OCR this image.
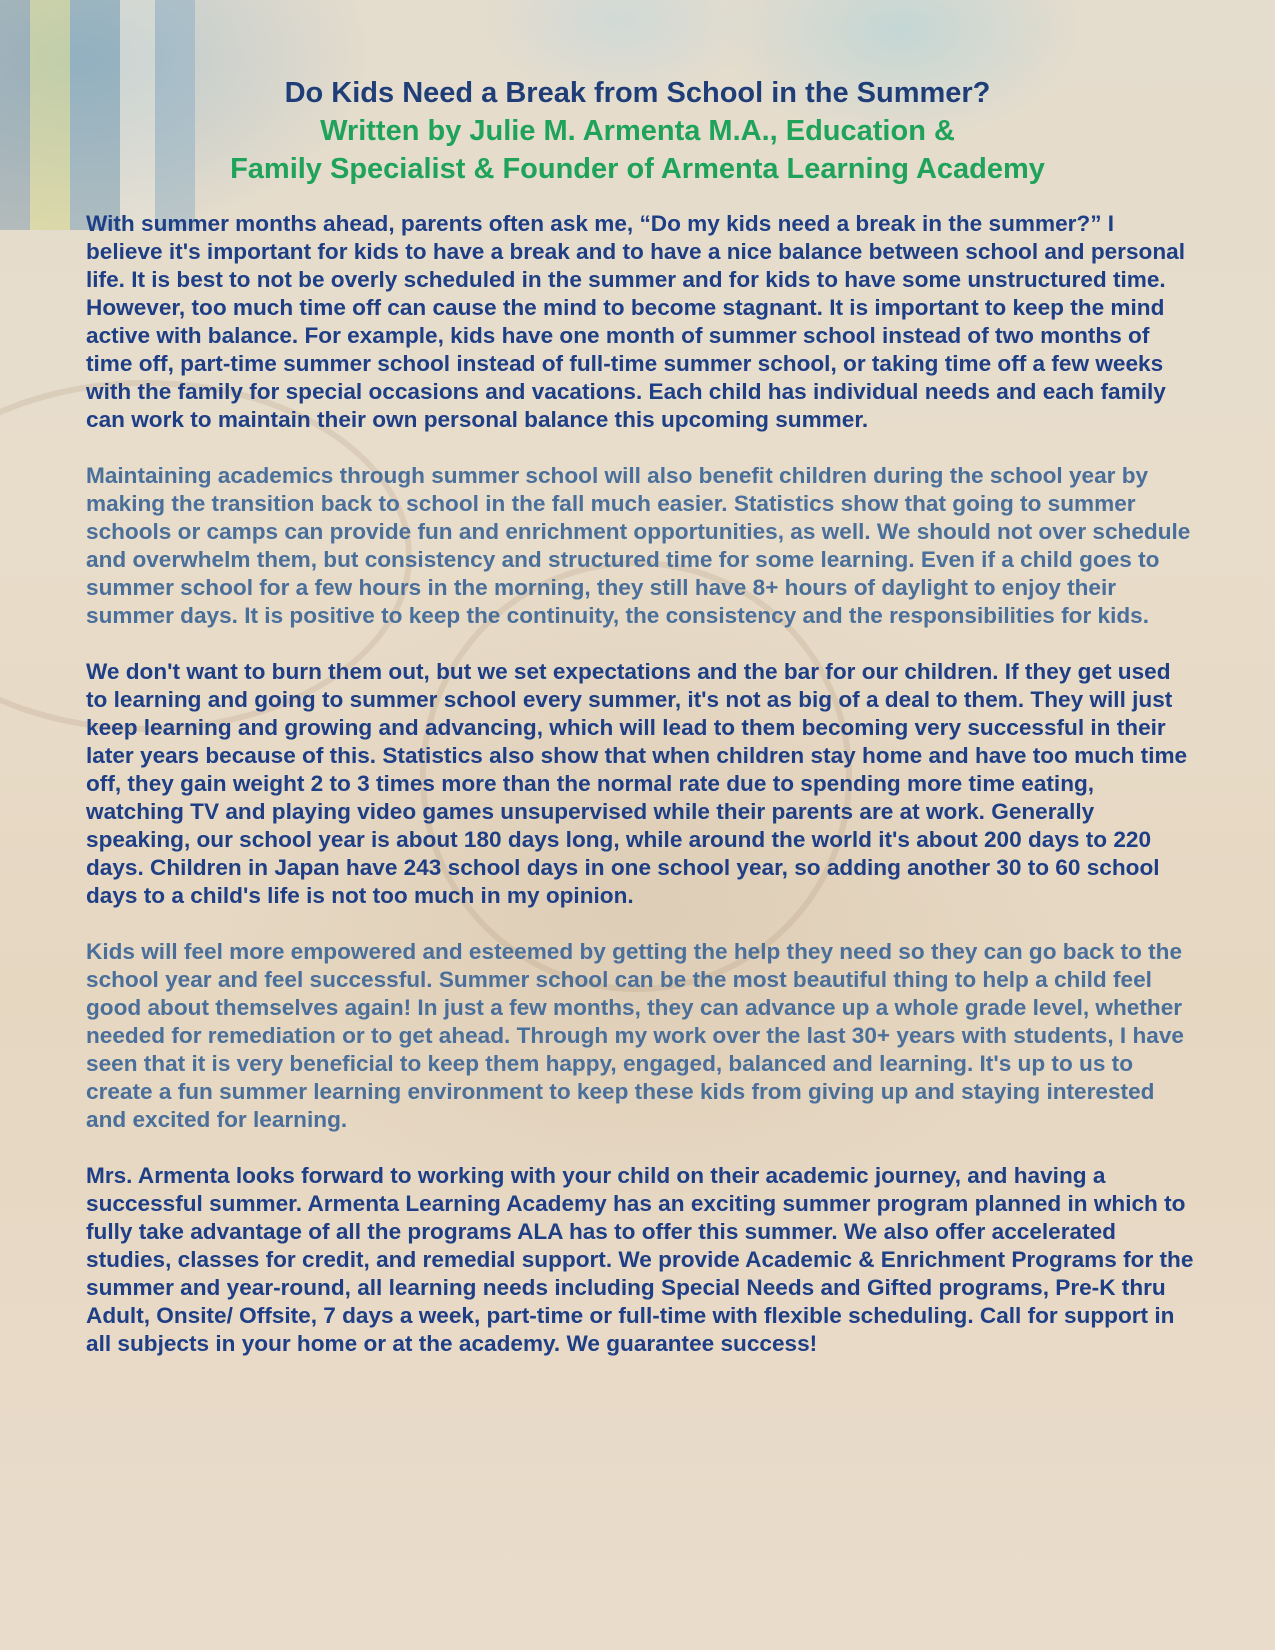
Do Kids Need a Break from School in the Summer?
Written by Julie M. Armenta M.A., Education &
Family Specialist & Founder of Armenta Learning Academy

With summer months ahead, parents often ask me, “Do my kids need a break in the summer?” I believe it's important for kids to have a break and to have a nice balance between school and personal life. It is best to not be overly scheduled in the summer and for kids to have some unstructured time. However, too much time off can cause the mind to become stagnant. It is important to keep the mind active with balance. For example, kids have one month of summer school instead of two months of time off, part-time summer school instead of full-time summer school, or taking time off a few weeks with the family for special occasions and vacations. Each child has individual needs and each family can work to maintain their own personal balance this upcoming summer.

Maintaining academics through summer school will also benefit children during the school year by making the transition back to school in the fall much easier. Statistics show that going to summer schools or camps can provide fun and enrichment opportunities, as well. We should not over schedule and overwhelm them, but consistency and structured time for some learning. Even if a child goes to summer school for a few hours in the morning, they still have 8+ hours of daylight to enjoy their summer days. It is positive to keep the continuity, the consistency and the responsibilities for kids.

We don't want to burn them out, but we set expectations and the bar for our children. If they get used to learning and going to summer school every summer, it's not as big of a deal to them. They will just keep learning and growing and advancing, which will lead to them becoming very successful in their later years because of this. Statistics also show that when children stay home and have too much time off, they gain weight 2 to 3 times more than the normal rate due to spending more time eating, watching TV and playing video games unsupervised while their parents are at work. Generally speaking, our school year is about 180 days long, while around the world it's about 200 days to 220 days. Children in Japan have 243 school days in one school year, so adding another 30 to 60 school days to a child's life is not too much in my opinion.

Kids will feel more empowered and esteemed by getting the help they need so they can go back to the school year and feel successful. Summer school can be the most beautiful thing to help a child feel good about themselves again! In just a few months, they can advance up a whole grade level, whether needed for remediation or to get ahead. Through my work over the last 30+ years with students, I have seen that it is very beneficial to keep them happy, engaged, balanced and learning. It's up to us to create a fun summer learning environment to keep these kids from giving up and staying interested and excited for learning.

Mrs. Armenta looks forward to working with your child on their academic journey, and having a successful summer. Armenta Learning Academy has an exciting summer program planned in which to fully take advantage of all the programs ALA has to offer this summer. We also offer accelerated studies, classes for credit, and remedial support. We provide Academic & Enrichment Programs for the summer and year-round, all learning needs including Special Needs and Gifted programs, Pre-K thru Adult, Onsite/ Offsite, 7 days a week, part-time or full-time with flexible scheduling. Call for support in all subjects in your home or at the academy. We guarantee success!
